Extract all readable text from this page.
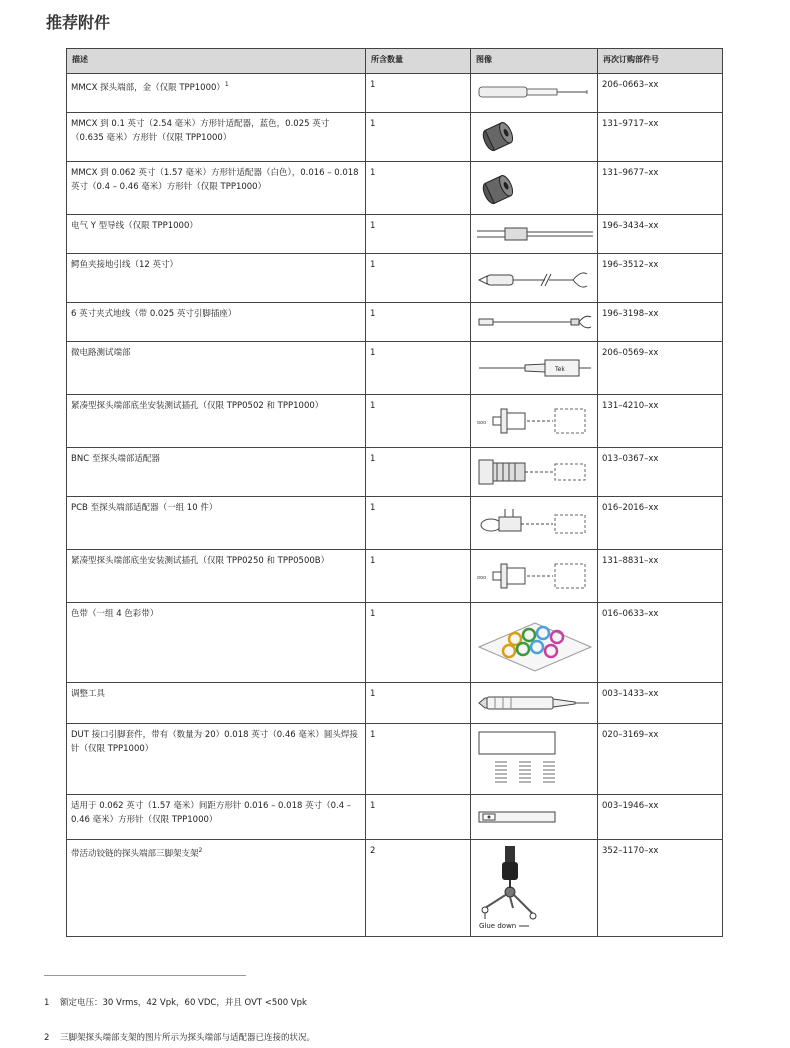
推荐附件
描述	所含数量	图像	再次订购部件号
MMCX 探头端部，金（仅限 TPP1000）$^1$	1		206–0663–xx
MMCX 到 0.1 英寸（2.54 毫米）方形针适配器，蓝色，0.025 英寸（0.635 毫米）方形针（仅限 TPP1000）	1		131–9717–xx
MMCX 到 0.062 英寸（1.57 毫米）方形针适配器（白色），0.016 – 0.018 英寸（0.4 – 0.46 毫米）方形针（仅限 TPP1000）	1		131–9677–xx
电气 Y 型导线（仅限 TPP1000）	1		196–3434–xx
鳄鱼夹接地引线（12 英寸）	1		196–3512–xx
6 英寸夹式地线（带 0.025 英寸引脚插座）	1		196–3198–xx
微电路测试端部	1	Tek	206–0569–xx
紧凑型探头端部底坐安装测试插孔（仅限 TPP0502 和 TPP1000）	1	ooo	131–4210–xx
BNC 至探头端部适配器	1		013–0367–xx
PCB 至探头端部适配器（一组 10 件）	1		016–2016–xx
紧凑型探头端部底坐安装测试插孔（仅限 TPP0250 和 TPP0500B）	1	ooo	131–8831–xx
色带（一组 4 色彩带）	1		016–0633–xx
调整工具	1		003–1433–xx
DUT 接口引脚套件，带有（数量为 20）0.018 英寸（0.46 毫米）圆头焊接针（仅限 TPP1000）	1		020–3169–xx
适用于 0.062 英寸（1.57 毫米）间距方形针 0.016 – 0.018 英寸（0.4 – 0.46 毫米）方形针（仅限 TPP1000）	1		003–1946–xx
带活动铰链的探头端部三脚架支架$^2$	2	Glue down	352–1170–xx
1 额定电压：30 Vrms，42 Vpk，60 VDC，并且 OVT <500 Vpk
2 三脚架探头端部支架的图片所示为探头端部与适配器已连接的状况。
